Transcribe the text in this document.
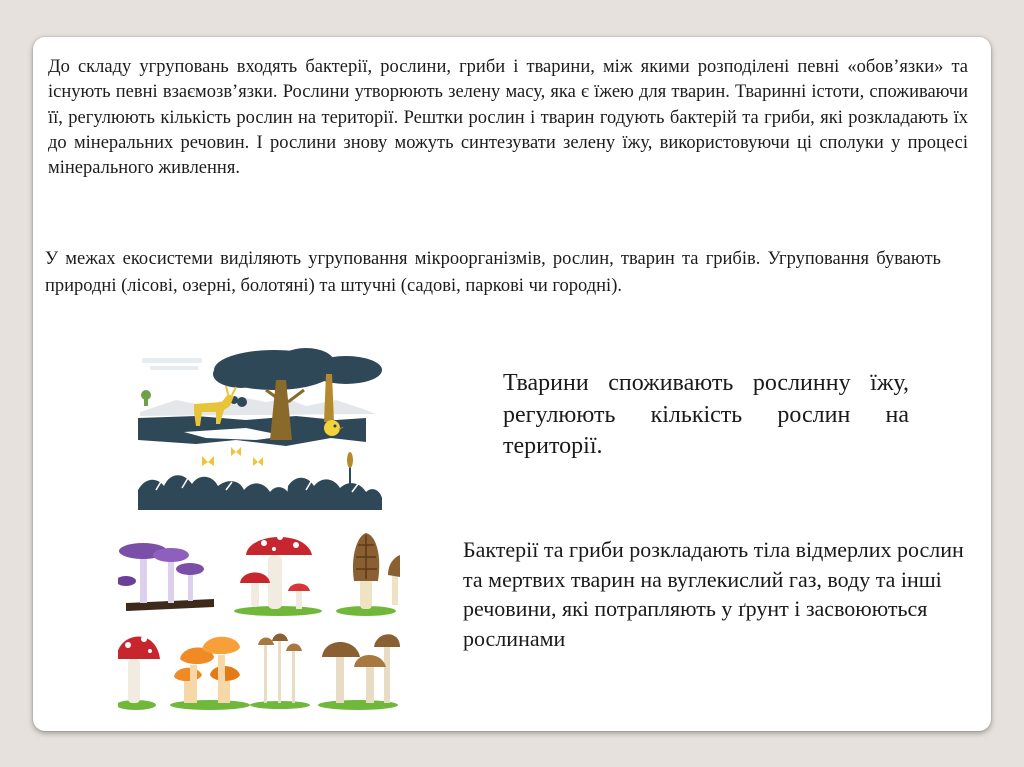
До складу угруповань входять бактерії, рослини, гриби і тварини, між якими розподілені певні «обов’язки» та існують певні взаємозв’язки. Рослини утворюють зелену масу, яка є їжею для тварин. Тваринні істоти, споживаючи її, регулюють кількість рослин на території. Рештки рослин і тварин годують бактерій та гриби, які розкладають їх до мінеральних речовин. І рослини знову можуть синтезувати зелену їжу, використовуючи ці сполуки у процесі мінерального живлення.

У межах екосистеми виділяють угруповання мікроорганізмів, рослин, тварин та грибів. Угруповання бувають природні (лісові, озерні, болотяні) та штучні (садові, паркові чи городні).

Тварини споживають рослинну їжу, регулюють кількість рослин на території.

Бактерії та гриби розкладають тіла відмерлих рослин та мертвих тварин на вуглекислий газ, воду та інші речовини, які потрапляють у ґрунт і засвоюються рослинами
